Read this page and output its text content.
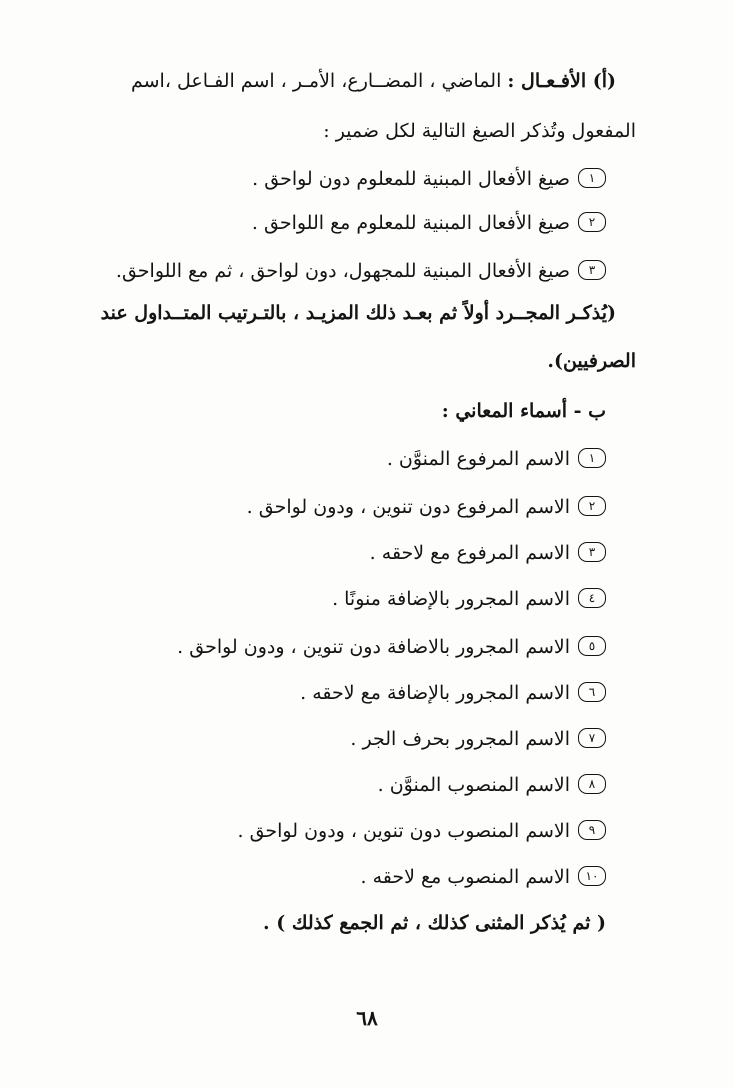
(أ) الأفـعـال : الماضي ، المضــارع، الأمـر ، اسم الفـاعل ،اسم
المفعول وتُذكر الصيغ التالية لكل ضمير :
١صيغ الأفعال المبنية للمعلوم دون لواحق .
٢صيغ الأفعال المبنية للمعلوم مع اللواحق .
٣صيغ الأفعال المبنية للمجهول، دون لواحق ، ثم مع اللواحق.
(يُذكـر المجــرد أولاً ثم بعـد ذلك المزيـد ، بالتـرتيب المتــداول عند
الصرفيين).
ب - أسماء المعاني :
١الاسم المرفوع المنوَّن .
٢الاسم المرفوع دون تنوين ، ودون لواحق .
٣الاسم المرفوع مع لاحقه .
٤الاسم المجرور بالإضافة منونًا .
٥الاسم المجرور بالاضافة دون تنوين ، ودون لواحق .
٦الاسم المجرور بالإضافة مع لاحقه .
٧الاسم المجرور بحرف الجر .
٨الاسم المنصوب المنوَّن .
٩الاسم المنصوب دون تنوين ، ودون لواحق .
١٠الاسم المنصوب مع لاحقه .
( ثم يُذكر المثنى كذلك ، ثم الجمع كذلك ) .
٦٨
